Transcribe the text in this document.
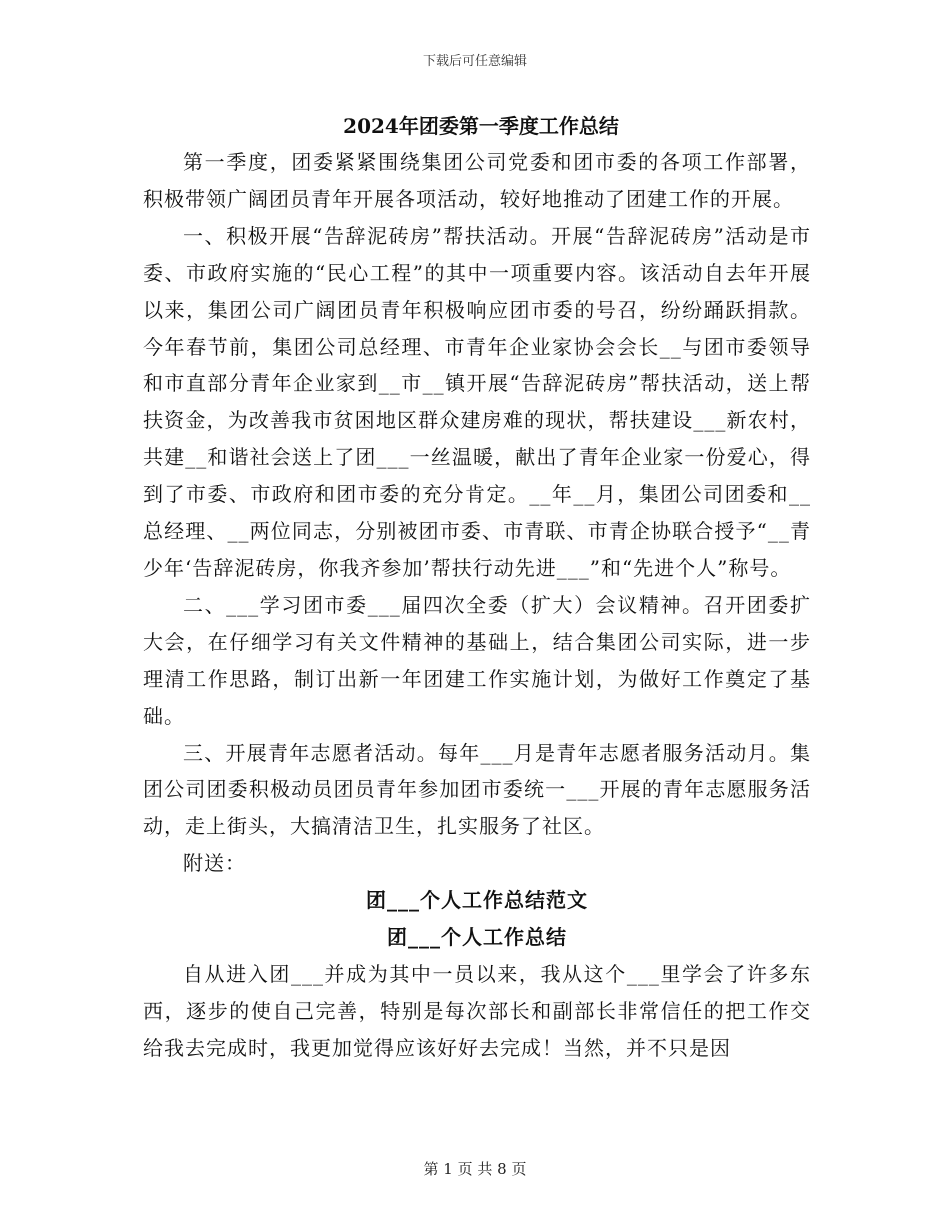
下载后可任意编辑
2024年团委第一季度工作总结

第一季度，团委紧紧围绕集团公司党委和团市委的各项工作部署，积极带领广阔团员青年开展各项活动，较好地推动了团建工作的开展。

一、积极开展“告辞泥砖房”帮扶活动。开展“告辞泥砖房”活动是市委、市政府实施的“民心工程”的其中一项重要内容。该活动自去年开展以来，集团公司广阔团员青年积极响应团市委的号召，纷纷踊跃捐款。今年春节前，集团公司总经理、市青年企业家协会会长__与团市委领导和市直部分青年企业家到__市__镇开展“告辞泥砖房”帮扶活动，送上帮扶资金，为改善我市贫困地区群众建房难的现状，帮扶建设___新农村，共建__和谐社会送上了团___一丝温暖，献出了青年企业家一份爱心，得到了市委、市政府和团市委的充分肯定。__年__月，集团公司团委和__总经理、__两位同志，分别被团市委、市青联、市青企协联合授予“__青少年‘告辞泥砖房，你我齐参加’帮扶行动先进___”和“先进个人”称号。

二、___学习团市委___届四次全委（扩大）会议精神。召开团委扩大会，在仔细学习有关文件精神的基础上，结合集团公司实际，进一步理清工作思路，制订出新一年团建工作实施计划，为做好工作奠定了基础。

三、开展青年志愿者活动。每年___月是青年志愿者服务活动月。集团公司团委积极动员团员青年参加团市委统一___开展的青年志愿服务活动，走上街头，大搞清洁卫生，扎实服务了社区。

附送：

团___个人工作总结范文

团___个人工作总结

自从进入团___并成为其中一员以来，我从这个___里学会了许多东西，逐步的使自己完善，特别是每次部长和副部长非常信任的把工作交给我去完成时，我更加觉得应该好好去完成！当然，并不只是因

第 1 页 共 8 页
